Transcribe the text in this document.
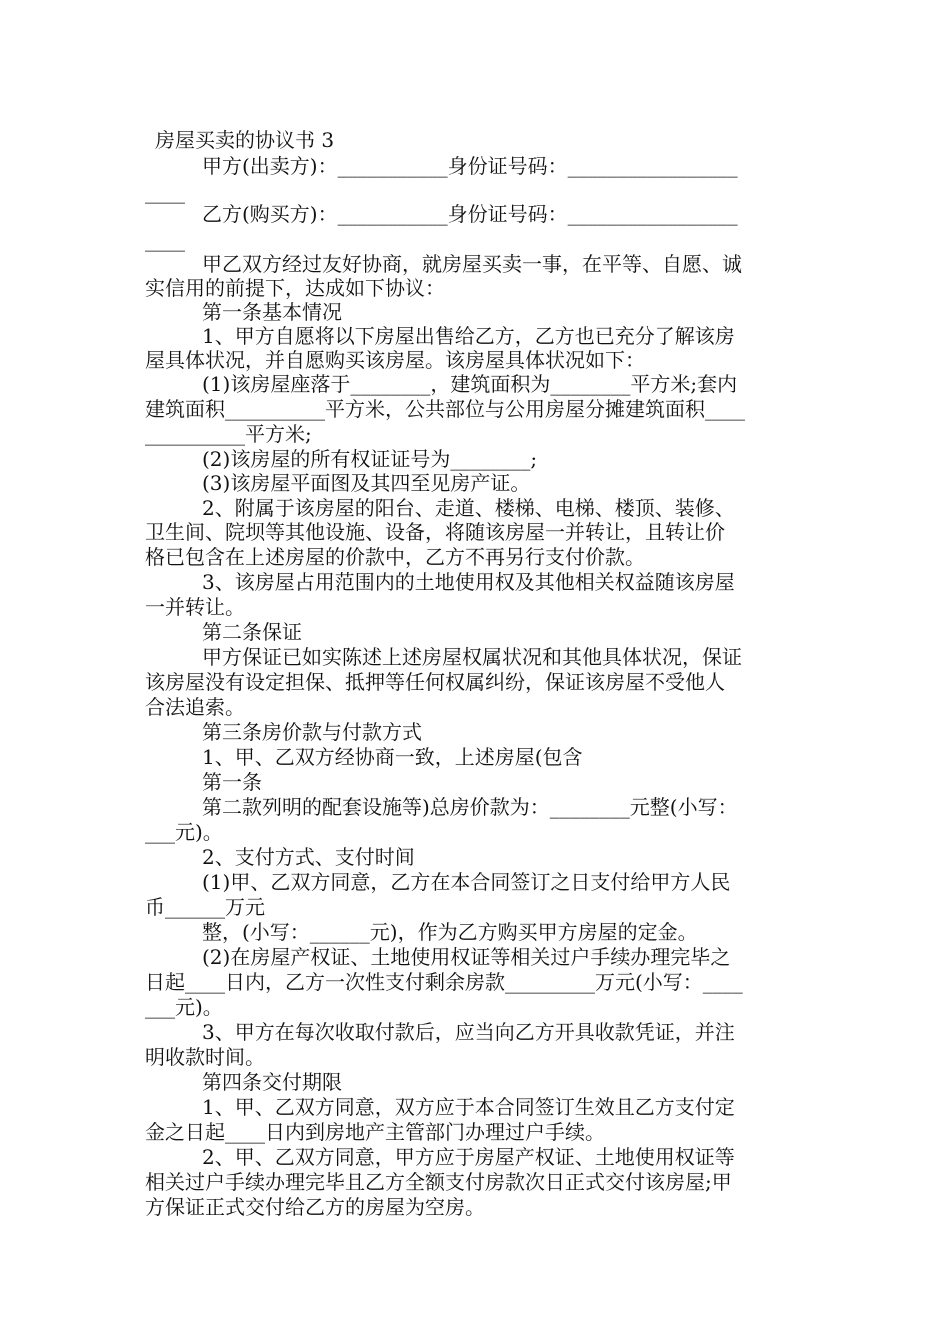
房屋买卖的协议书 3
甲方(出卖方)：___________身份证号码：_________________
____
乙方(购买方)：___________身份证号码：_________________
____
甲乙双方经过友好协商，就房屋买卖一事，在平等、自愿、诚
实信用的前提下，达成如下协议：
第一条基本情况
1、甲方自愿将以下房屋出售给乙方，乙方也已充分了解该房
屋具体状况，并自愿购买该房屋。该房屋具体状况如下：
(1)该房屋座落于________，建筑面积为________平方米;套内
建筑面积__________平方米，公共部位与公用房屋分摊建筑面积____
__________平方米;
(2)该房屋的所有权证证号为________;
(3)该房屋平面图及其四至见房产证。
2、附属于该房屋的阳台、走道、楼梯、电梯、楼顶、装修、
卫生间、院坝等其他设施、设备，将随该房屋一并转让，且转让价
格已包含在上述房屋的价款中，乙方不再另行支付价款。
3、该房屋占用范围内的土地使用权及其他相关权益随该房屋
一并转让。
第二条保证
甲方保证已如实陈述上述房屋权属状况和其他具体状况，保证
该房屋没有设定担保、抵押等任何权属纠纷，保证该房屋不受他人
合法追索。
第三条房价款与付款方式
1、甲、乙双方经协商一致，上述房屋(包含
第一条
第二款列明的配套设施等)总房价款为：________元整(小写：
___元)。
2、支付方式、支付时间
(1)甲、乙双方同意，乙方在本合同签订之日支付给甲方人民
币______万元
整，(小写：______元)，作为乙方购买甲方房屋的定金。
(2)在房屋产权证、土地使用权证等相关过户手续办理完毕之
日起____日内，乙方一次性支付剩余房款_________万元(小写：____
___元)。
3、甲方在每次收取付款后，应当向乙方开具收款凭证，并注
明收款时间。
第四条交付期限
1、甲、乙双方同意，双方应于本合同签订生效且乙方支付定
金之日起____日内到房地产主管部门办理过户手续。
2、甲、乙双方同意，甲方应于房屋产权证、土地使用权证等
相关过户手续办理完毕且乙方全额支付房款次日正式交付该房屋;甲
方保证正式交付给乙方的房屋为空房。
